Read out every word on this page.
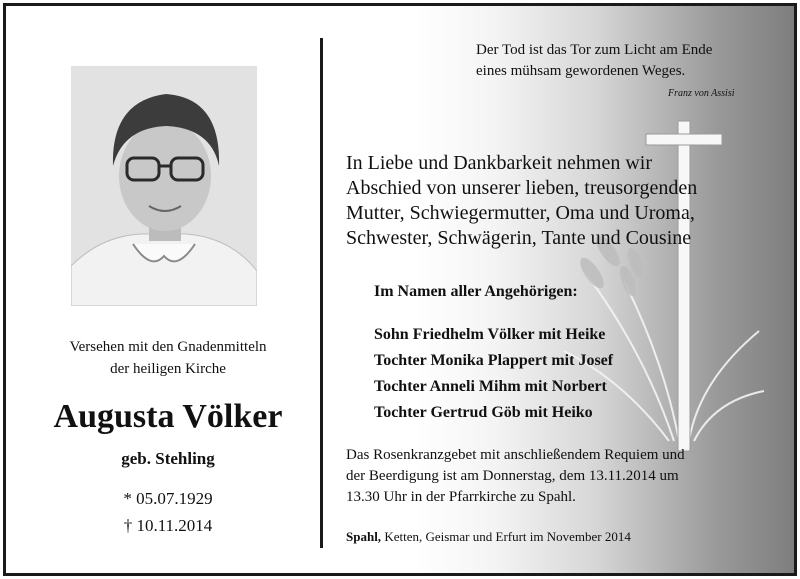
Versehen mit den Gnadenmitteln
der heiligen Kirche
Augusta Völker
geb. Stehling
* 05.07.1929
† 10.11.2014
Der Tod ist das Tor zum Licht am Ende
eines mühsam gewordenen Weges.
Franz von Assisi
In Liebe und Dankbarkeit nehmen wir
Abschied von unserer lieben, treusorgenden
Mutter, Schwiegermutter, Oma und Uroma,
Schwester, Schwägerin, Tante und Cousine
Im Namen aller Angehörigen:
Sohn Friedhelm Völker mit Heike
Tochter Monika Plappert mit Josef
Tochter Anneli Mihm mit Norbert
Tochter Gertrud Göb mit Heiko
Das Rosenkranzgebet mit anschließendem Requiem und
der Beerdigung ist am Donnerstag, dem 13.11.2014 um
13.30 Uhr in der Pfarrkirche zu Spahl.
Spahl, Ketten, Geismar und Erfurt im November 2014
